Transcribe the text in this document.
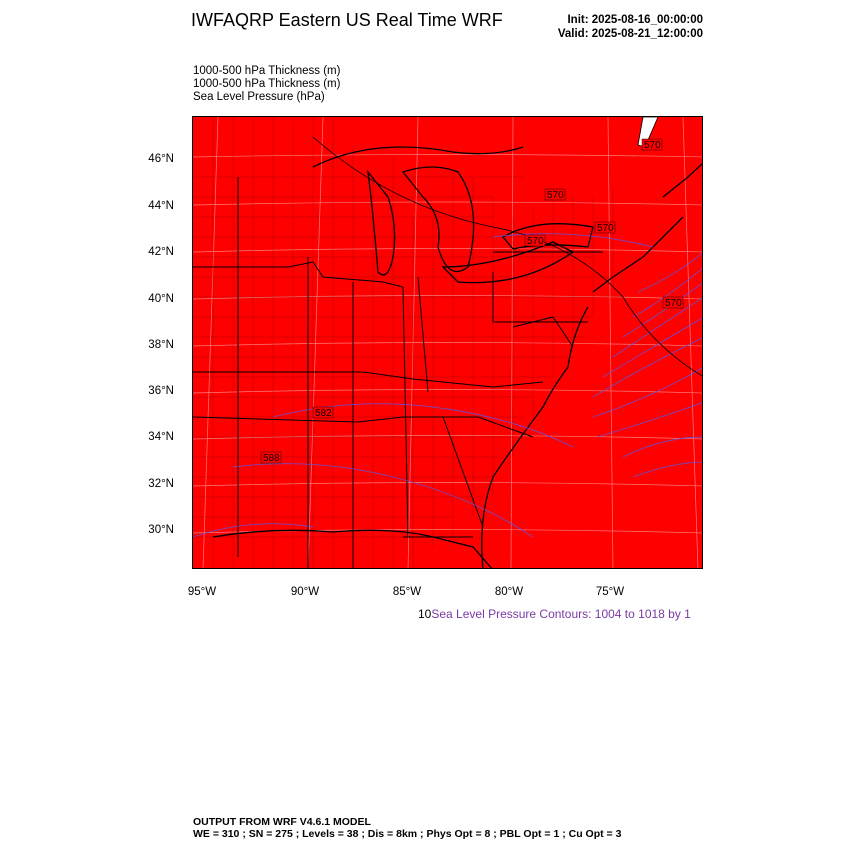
IWFAQRP Eastern US Real Time WRF	Init: 2025-08-16_00:00:00
Valid: 2025-08-21_12:00:00
1000-500 hPa Thickness (m)
1000-500 hPa Thickness (m)
Sea Level Pressure (hPa)
570
570
570
570
570
582
588
46°N
44°N
42°N
40°N
38°N
36°N
34°N
32°N
30°N
95°W	90°W	85°W	80°W	75°W
10Sea Level Pressure Contours: 1004 to 1018 by 1
OUTPUT FROM WRF V4.6.1 MODEL
WE = 310 ; SN = 275 ; Levels = 38 ; Dis = 8km ; Phys Opt = 8 ; PBL Opt = 1 ; Cu Opt = 3
